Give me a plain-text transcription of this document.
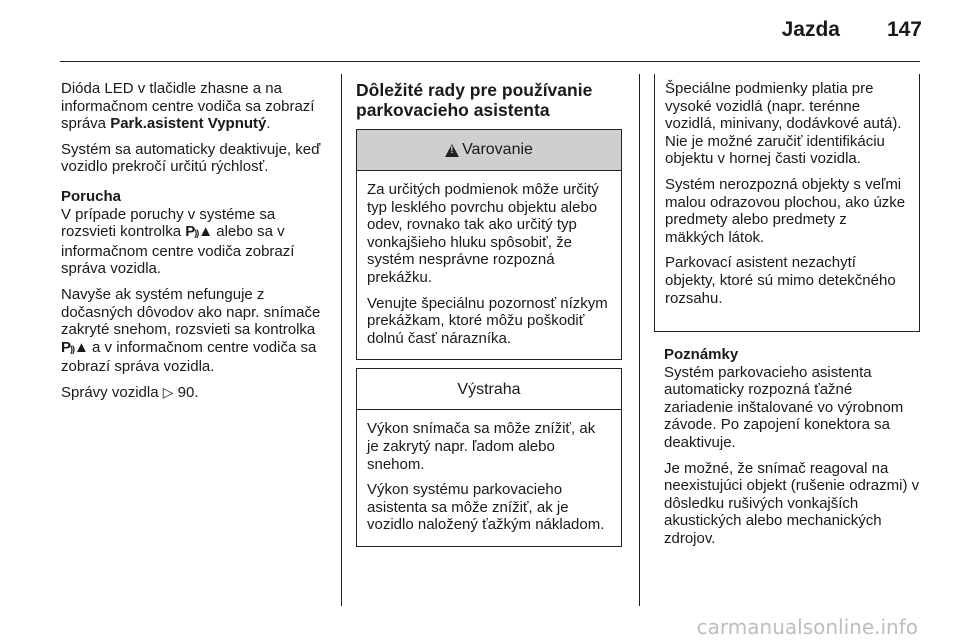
Jazda 147

Dióda LED v tlačidle zhasne a na informačnom centre vodiča sa zobrazí správa Park.asistent Vypnutý.

Systém sa automaticky deaktivuje, keď vozidlo prekročí určitú rýchlosť.

Porucha

V prípade poruchy v systéme sa rozsvieti kontrolka P))▲ alebo sa v informačnom centre vodiča zobrazí správa vozidla.

Navyše ak systém nefunguje z dočasných dôvodov ako napr. snímače zakryté snehom, rozsvieti sa kontrolka P))▲ a v informačnom centre vodiča sa zobrazí správa vozidla.

Správy vozidla ▷ 90.

Dôležité rady pre používanie parkovacieho asistenta
!
Varovanie

Za určitých podmienok môže určitý typ lesklého povrchu objektu alebo odev, rovnako tak ako určitý typ vonkajšieho hluku spôsobiť, že systém nesprávne rozpozná prekážku.

Venujte špeciálnu pozornosť nízkym prekážkam, ktoré môžu poškodiť dolnú časť nárazníka.

Výstraha

Výkon snímača sa môže znížiť, ak je zakrytý napr. ľadom alebo snehom.

Výkon systému parkovacieho asistenta sa môže znížiť, ak je vozidlo naložený ťažkým nákladom.

Špeciálne podmienky platia pre vysoké vozidlá (napr. terénne vozidlá, minivany, dodávkové autá). Nie je možné zaručiť identifikáciu objektu v hornej časti vozidla.

Systém nerozpozná objekty s veľmi malou odrazovou plochou, ako úzke predmety alebo predmety z mäkkých látok.

Parkovací asistent nezachytí objekty, ktoré sú mimo detekčného rozsahu.

Poznámky

Systém parkovacieho asistenta automaticky rozpozná ťažné zariadenie inštalované vo výrobnom závode. Po zapojení konektora sa deaktivuje.

Je možné, že snímač reagoval na neexistujúci objekt (rušenie odrazmi) v dôsledku rušivých vonkajších akustických alebo mechanických zdrojov.

carmanualsonline.info
